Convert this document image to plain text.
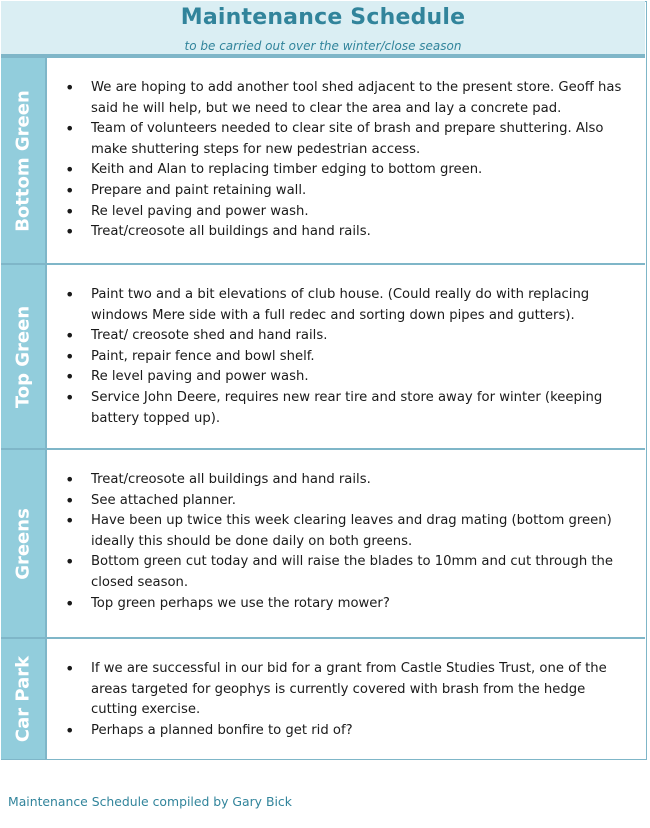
Maintenance Schedule
to be carried out over the winter/close season
Bottom Green
• We are hoping to add another tool shed adjacent to the present store. Geoff has said he will help, but we need to clear the area and lay a concrete pad.
• Team of volunteers needed to clear site of brash and prepare shuttering. Also make shuttering steps for new pedestrian access.
• Keith and Alan to replacing timber edging to bottom green.
• Prepare and paint retaining wall.
• Re level paving and power wash.
• Treat/creosote all buildings and hand rails.
Top Green
• Paint two and a bit elevations of club house. (Could really do with replacing windows Mere side with a full redec and sorting down pipes and gutters).
• Treat/ creosote shed and hand rails.
• Paint, repair fence and bowl shelf.
• Re level paving and power wash.
• Service John Deere, requires new rear tire and store away for winter (keeping battery topped up).
Greens
• Treat/creosote all buildings and hand rails.
• See attached planner.
• Have been up twice this week clearing leaves and drag mating (bottom green) ideally this should be done daily on both greens.
• Bottom green cut today and will raise the blades to 10mm and cut through the closed season.
• Top green perhaps we use the rotary mower?
Car Park
•	If we are successful in our bid for a grant from Castle Studies Trust, one of the areas targeted for geophys is currently covered with brash from the hedge cutting exercise.
• Perhaps a planned bonfire to get rid of?
Maintenance Schedule compiled by Gary Bick
